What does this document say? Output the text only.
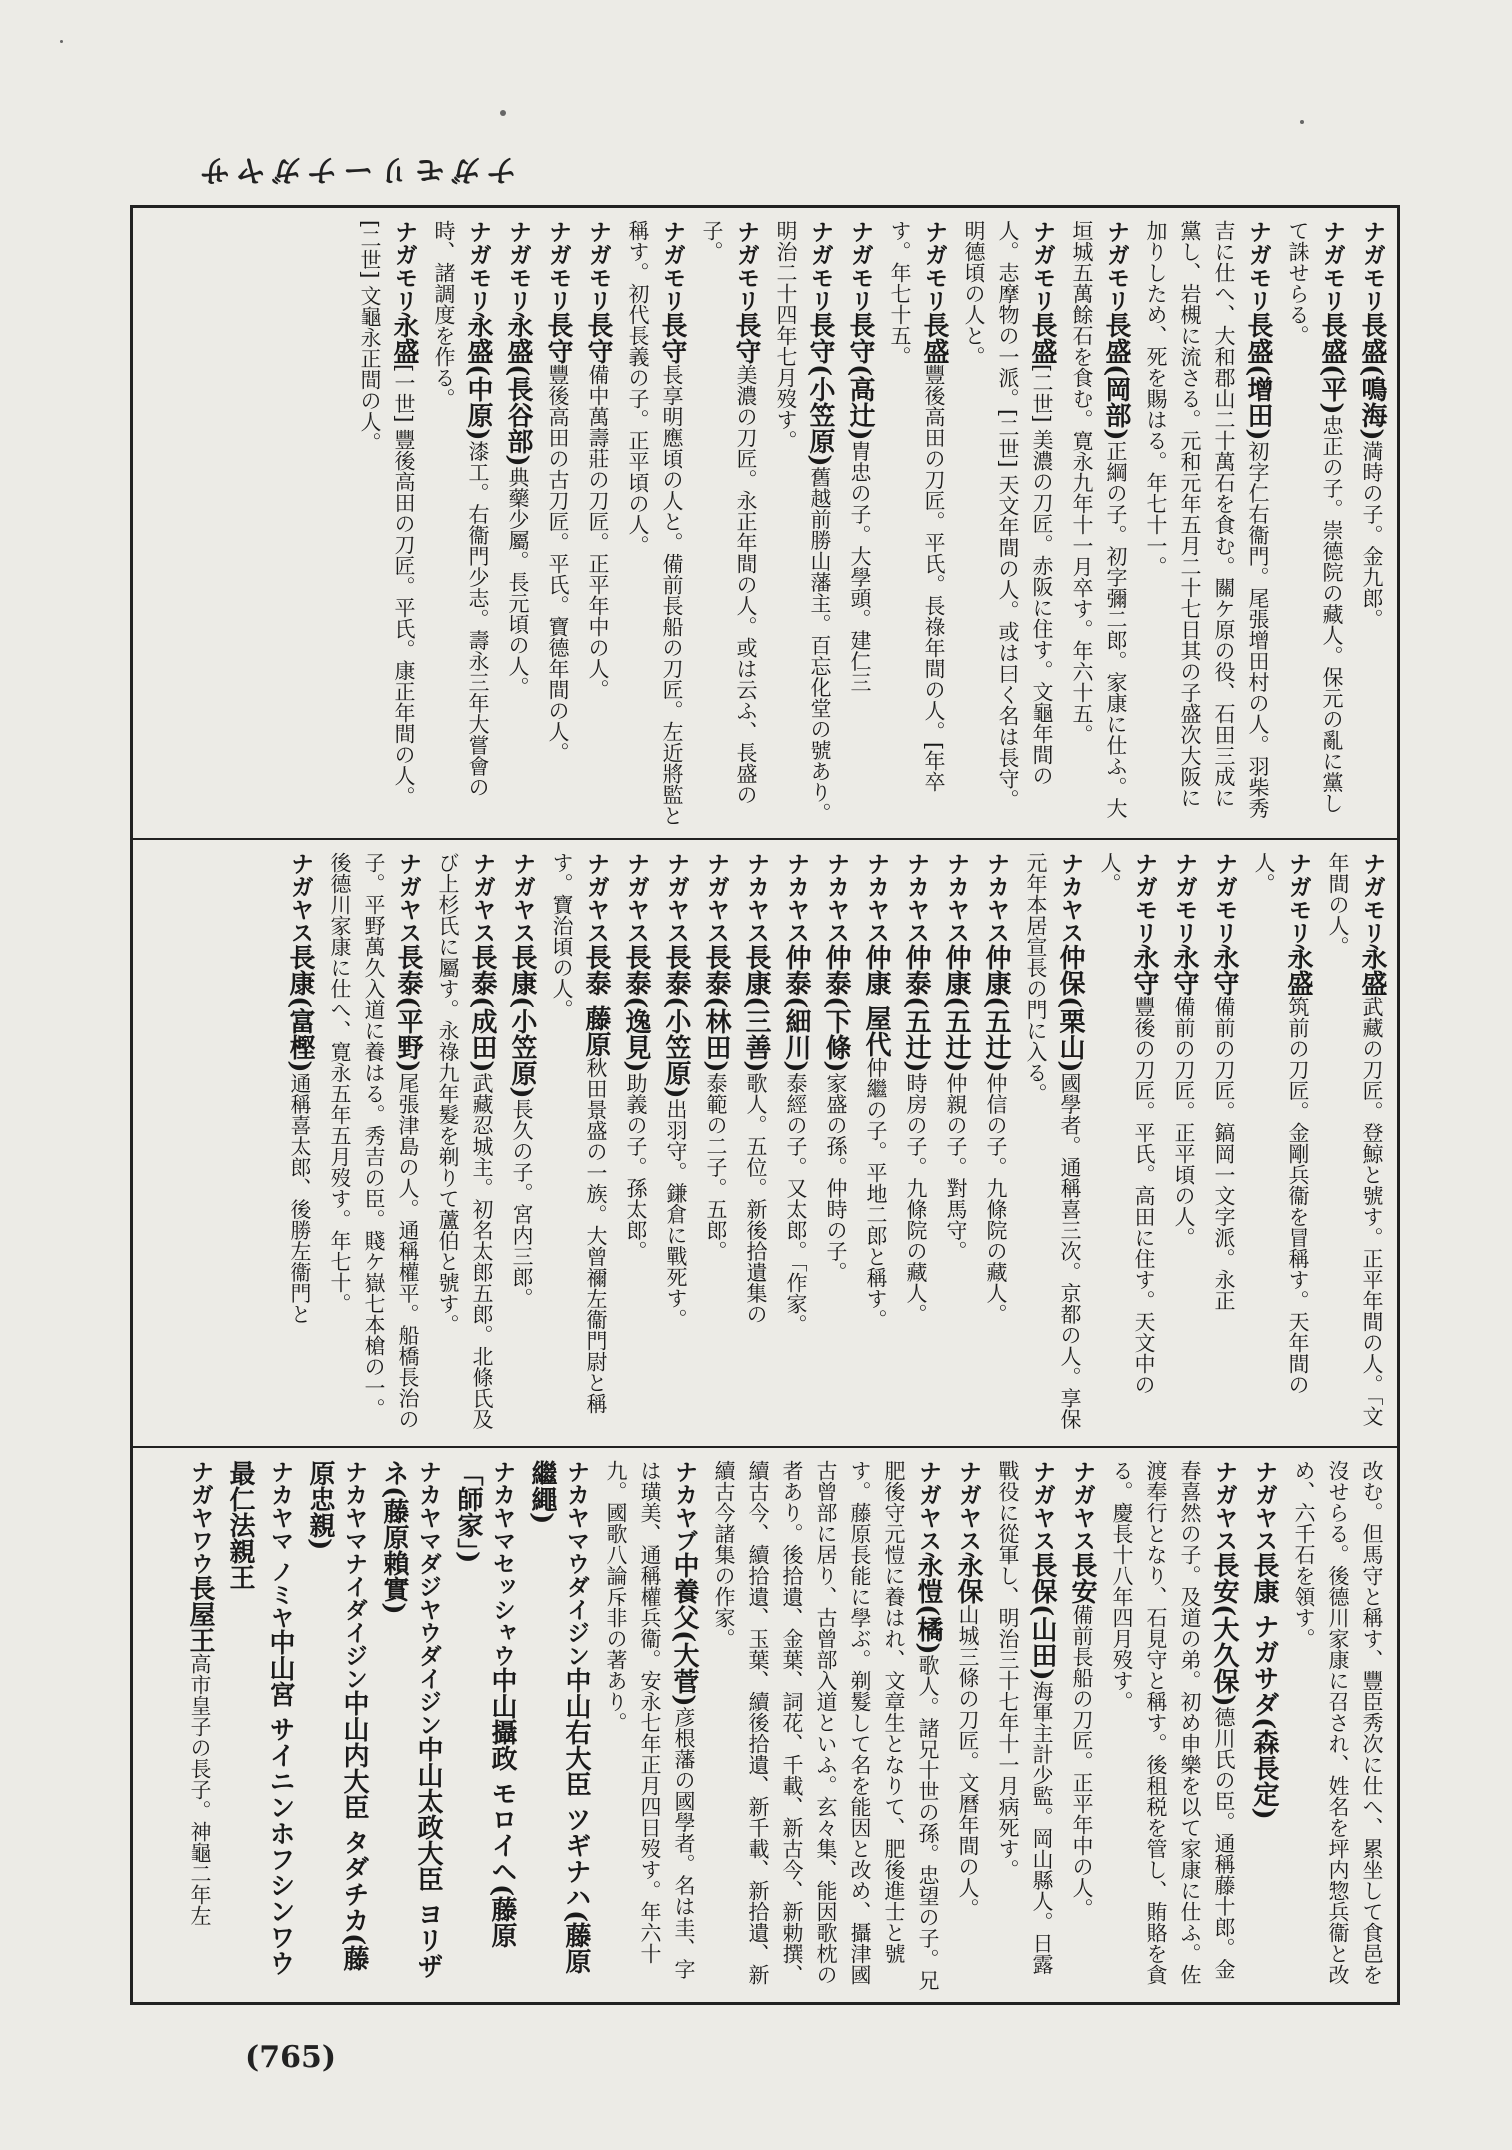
ナガモリーナガヤサ
ナガモリ長盛(鳴海)満時の子。金九郎。
ナガモリ長盛(平)忠正の子。崇德院の藏人。保元の亂に黨して誅せらる。
ナガモリ長盛(增田)初字仁右衞門。尾張增田村の人。羽柴秀吉に仕へ、大和郡山二十萬石を食む。關ケ原の役、石田三成に黨し、岩槻に流さる。元和元年五月二十七日其の子盛次大阪に加りしため、死を賜はる。年七十一。
ナガモリ長盛(岡部)正綱の子。初字彌二郎。家康に仕ふ。大垣城五萬餘石を食む。寛永九年十一月卒す。年六十五。
ナガモリ長盛[二世] 美濃の刀匠。赤阪に住す。文龜年間の人。志摩物の一派。[二世] 天文年間の人。或は曰く名は長守。明德頃の人と。
ナガモリ長盛豐後高田の刀匠。平氏。長祿年間の人。[年卒す。年七十五。
ナガモリ長守(高辻)胄忠の子。大學頭。建仁三
ナガモリ長守(小笠原)舊越前勝山藩主。百忘化堂の號あり。明治二十四年七月歿す。
ナガモリ長守美濃の刀匠。永正年間の人。或は云ふ、長盛の子。
ナガモリ長守長享明應頃の人と。備前長船の刀匠。左近將監と稱す。初代長義の子。正平頃の人。
ナガモリ長守備中萬壽莊の刀匠。正平年中の人。
ナガモリ長守豐後高田の古刀匠。平氏。寶德年間の人。
ナガモリ永盛(長谷部)典藥少屬。長元頃の人。
ナガモリ永盛(中原)漆工。右衞門少志。壽永三年大嘗會の時、諸調度を作る。
ナガモリ永盛[一世] 豐後高田の刀匠。平氏。康正年間の人。[二世] 文龜永正間の人。
ナガモリ永盛武藏の刀匠。登鯨と號す。正平年間の人。「文年間の人。
ナガモリ永盛筑前の刀匠。金剛兵衞を冒稱す。天年間の人。
ナガモリ永守備前の刀匠。鎬岡一文字派。永正
ナガモリ永守備前の刀匠。正平頃の人。
ナガモリ永守豐後の刀匠。平氏。高田に住す。天文中の人。
ナカヤス仲保(栗山)國學者。通稱喜三次。京都の人。享保元年本居宣長の門に入る。
ナカヤス仲康(五辻)仲信の子。九條院の藏人。
ナカヤス仲康(五辻)仲親の子。對馬守。
ナカヤス仲泰(五辻)時房の子。九條院の藏人。
ナカヤス仲康 屋代仲繼の子。平地二郎と稱す。
ナカヤス仲泰(下條)家盛の孫。仲時の子。
ナカヤス仲泰(細川)泰經の子。又太郎。「作家。
ナカヤス長康(三善)歌人。五位。新後拾遺集の
ナガヤス長泰(林田)泰範の二子。五郎。
ナガヤス長泰(小笠原)出羽守。鎌倉に戰死す。
ナガヤス長泰(逸見)助義の子。孫太郎。
ナガヤス長泰 藤原秋田景盛の一族。大曾禰左衞門尉と稱す。寶治頃の人。
ナガヤス長康(小笠原)長久の子。宮内三郎。
ナガヤス長泰(成田)武藏忍城主。初名太郎五郎。北條氏及び上杉氏に屬す。永祿九年髮を剃りて蘆伯と號す。
ナガヤス長泰(平野)尾張津島の人。通稱權平。船橋長治の子。平野萬久入道に養はる。秀吉の臣。賤ケ嶽七本槍の一。後德川家康に仕へ、寛永五年五月歿す。年七十。
ナガヤス長康(富樫)通稱喜太郎、後勝左衞門と
改む。但馬守と稱す、豐臣秀次に仕へ、累坐して食邑を沒せらる。後德川家康に召され、姓名を坪内惣兵衞と改め、六千石を領す。
ナガヤス長康 ナガサダ(森長定)
ナガヤス長安(大久保)德川氏の臣。通稱藤十郎。金春喜然の子。及道の弟。初め申樂を以て家康に仕ふ。佐渡奉行となり、石見守と稱す。後租税を管し、賄賂を貪る。慶長十八年四月歿す。
ナガヤス長安備前長船の刀匠。正平年中の人。
ナガヤス長保(山田)海軍主計少監。岡山縣人。日露戰役に從軍し、明治三十七年十一月病死す。
ナガヤス永保山城三條の刀匠。文曆年間の人。
ナガヤス永愷(橘)歌人。諸兄十世の孫。忠望の子。兄肥後守元愷に養はれ、文章生となりて、肥後進士と號す。藤原長能に學ぶ。剃髮して名を能因と改め、攝津國古曾部に居り、古曾部入道といふ。玄々集、能因歌枕の者あり。後拾遺、金葉、詞花、千載、新古今、新勅撰、續古今、續拾遺、玉葉、續後拾遺、新千載、新拾遺、新續古今諸集の作家。
ナカヤブ中養父(大菅)彦根藩の國學者。名は圭、字は璜美、通稱權兵衞。安永七年正月四日歿す。年六十九。國歌八論斥非の著あり。
ナカヤマウダイジン中山右大臣 ツギナハ(藤原繼繩)
ナカヤマセッシャウ中山攝政 モロイヘ(藤原「師家」)
ナカヤマダジヤウダイジン中山太政大臣 ヨリザネ(藤原賴實)
ナカヤマナイダイジン中山内大臣 タダチカ(藤原忠親)
ナカヤマ ノミヤ中山宮 サイニンホフシンワウ
最仁法親王
ナガヤワウ長屋王高市皇子の長子。神龜二年左
(765)
